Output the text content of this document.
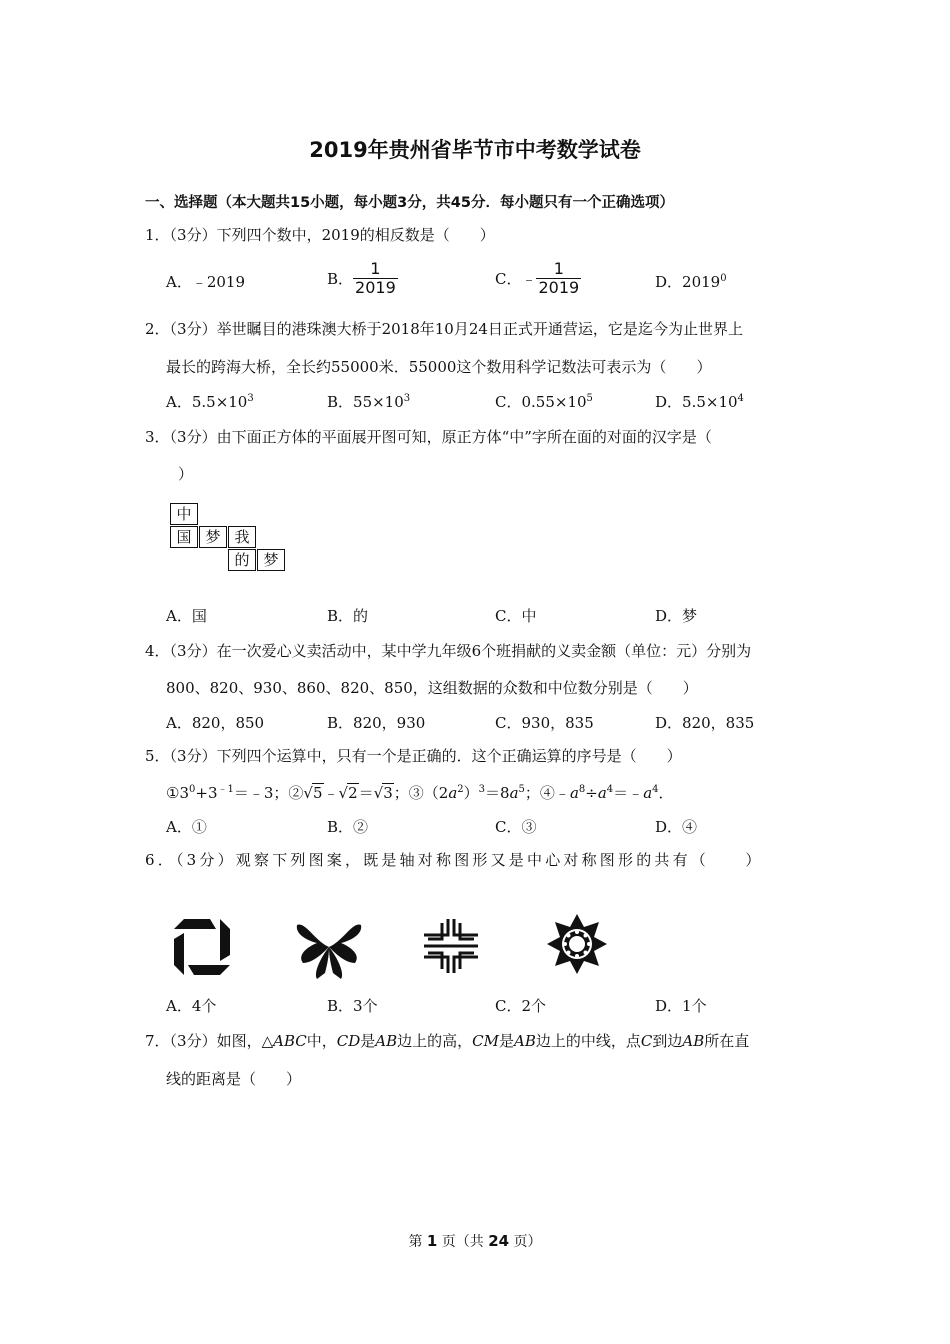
2019年贵州省毕节市中考数学试卷
一、选择题（本大题共15小题，每小题3分，共45分．每小题只有一个正确选项）
1．（3分）下列四个数中，2019的相反数是（　　）
A．﹣2019	B． $\frac{1}{2019}$	C．﹣ $\frac{1}{2019}$	D．2019$^0$
2．（3分）举世瞩目的港珠澳大桥于2018年10月24日正式开通营运，它是迄今为止世界上
最长的跨海大桥，全长约55000米．55000这个数用科学记数法可表示为（　　）
A．$5.5\times 10^3$	B．$55\times 10^3$	C．$0.55\times 10^5$	D．$5.5\times 10^4$
3．（3分）由下面正方体的平面展开图可知，原正方体“中”字所在面的对面的汉字是（
）
中
国 梦 我
的 梦
A．国	B．的	C．中	D．梦
4．（3分）在一次爱心义卖活动中，某中学九年级6个班捐献的义卖金额（单位：元）分别为
800、820、930、860、820、850，这组数据的众数和中位数分别是（　　）
A．820，850	B．820，930	C．930，835	D．820，835
5．（3分）下列四个运算中，只有一个是正确的．这个正确运算的序号是（　　）
$①3^0+3^{﹣1}=﹣3$；②√5﹣√2＝√3；$③(2a^2)^3=8a^5$；$④﹣a^8\div a^4=﹣a^4$．
A．①	B．②	C．③	D．④
6．（3分）观察下列图案，既是轴对称图形又是中心对称图形的共有（　　）
A．4个	B．3个	C．2个	D．1个
7．（3分）如图，△ABC中，CD是AB边上的高，CM是AB边上的中线，点C到边AB所在直
线的距离是（　　）
第 1 页（共 24 页）
